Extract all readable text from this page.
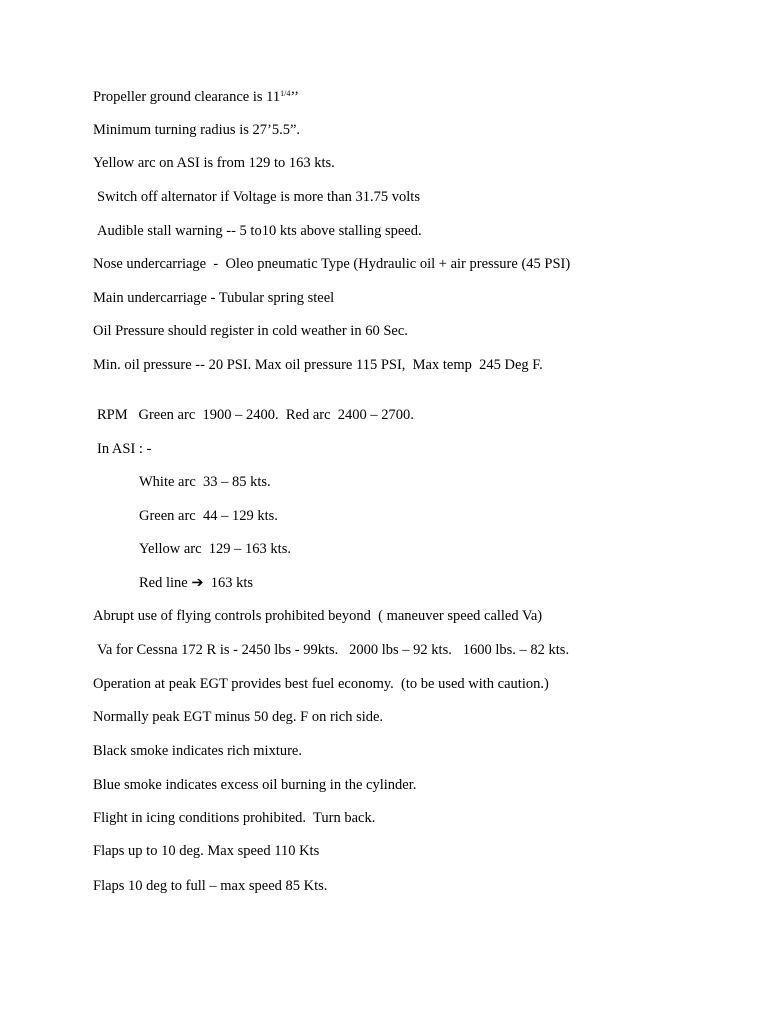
Propeller ground clearance is $11^{1/4}$’’
Minimum turning radius is 27’5.5”.
Yellow arc on ASI is from 129 to 163 kts.
Switch off alternator if Voltage is more than 31.75 volts
Audible stall warning -- 5 to10 kts above stalling speed.
Nose undercarriage  -  Oleo pneumatic Type (Hydraulic oil + air pressure (45 PSI)
Main undercarriage - Tubular spring steel
Oil Pressure should register in cold weather in 60 Sec.
Min. oil pressure -- 20 PSI. Max oil pressure 115 PSI,  Max temp  245 Deg F.
RPM   Green arc  1900 – 2400.  Red arc  2400 – 2700.
In ASI : -
White arc  33 – 85 kts.
Green arc  44 – 129 kts.
Yellow arc  129 – 163 kts.
Red line ➔  163 kts
Abrupt use of flying controls prohibited beyond  ( maneuver speed called Va)
Va for Cessna 172 R is - 2450 lbs - 99kts.   2000 lbs – 92 kts.   1600 lbs. – 82 kts.
Operation at peak EGT provides best fuel economy.  (to be used with caution.)
Normally peak EGT minus 50 deg. F on rich side.
Black smoke indicates rich mixture.
Blue smoke indicates excess oil burning in the cylinder.
Flight in icing conditions prohibited.  Turn back.
Flaps up to 10 deg. Max speed 110 Kts
Flaps 10 deg to full – max speed 85 Kts.
